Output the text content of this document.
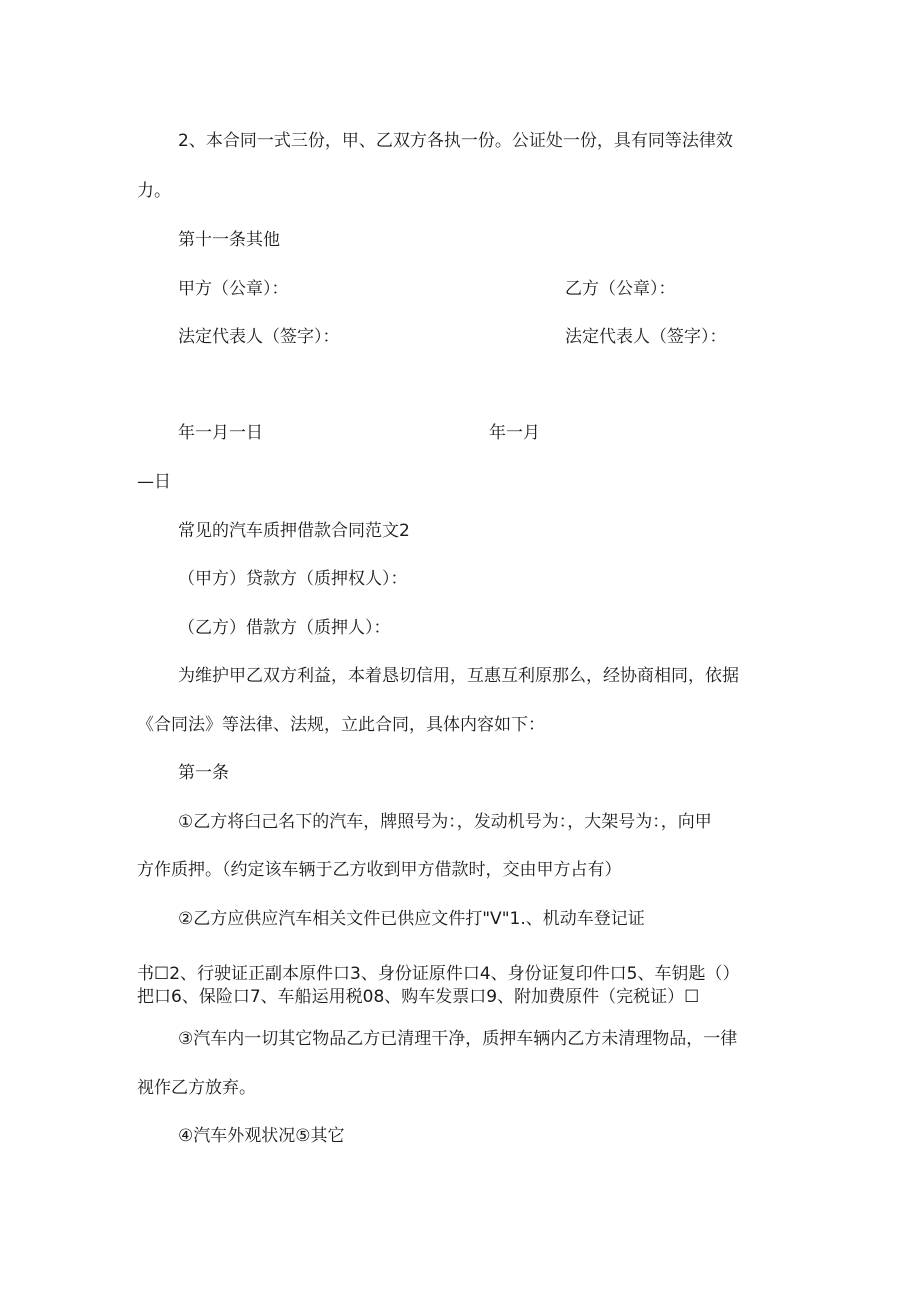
2、本合同一式三份，甲、乙双方各执一份。公证处一份，具有同等法律效
力。
第十一条其他
甲方（公章）：	乙方（公章）：
法定代表人（签字）：	法定代表人（签字）：
年一月一日	年一月
—日
常见的汽车质押借款合同范文2
（甲方）贷款方（质押权人）：
（乙方）借款方（质押人）：
为维护甲乙双方利益，本着恳切信用，互惠互利原那么，经协商相同，依据
《合同法》等法律、法规，立此合同，具体内容如下：
第一条
①乙方将臼己名下的汽车，牌照号为：，发动机号为：，大架号为：，向甲
方作质押。（约定该车辆于乙方收到甲方借款时，交由甲方占有）
②乙方应供应汽车相关文件已供应文件打"V"1.、机动车登记证
书☐2、行驶证正副本原件口3、身份证原件口4、身份证复印件口5、车钥匙（）
把口6、保险口7、车船运用税08、购车发票口9、附加费原件（完税证）☐
③汽车内一切其它物品乙方已清理干净，质押车辆内乙方未清理物品，一律
视作乙方放弃。
④汽车外观状况⑤其它
